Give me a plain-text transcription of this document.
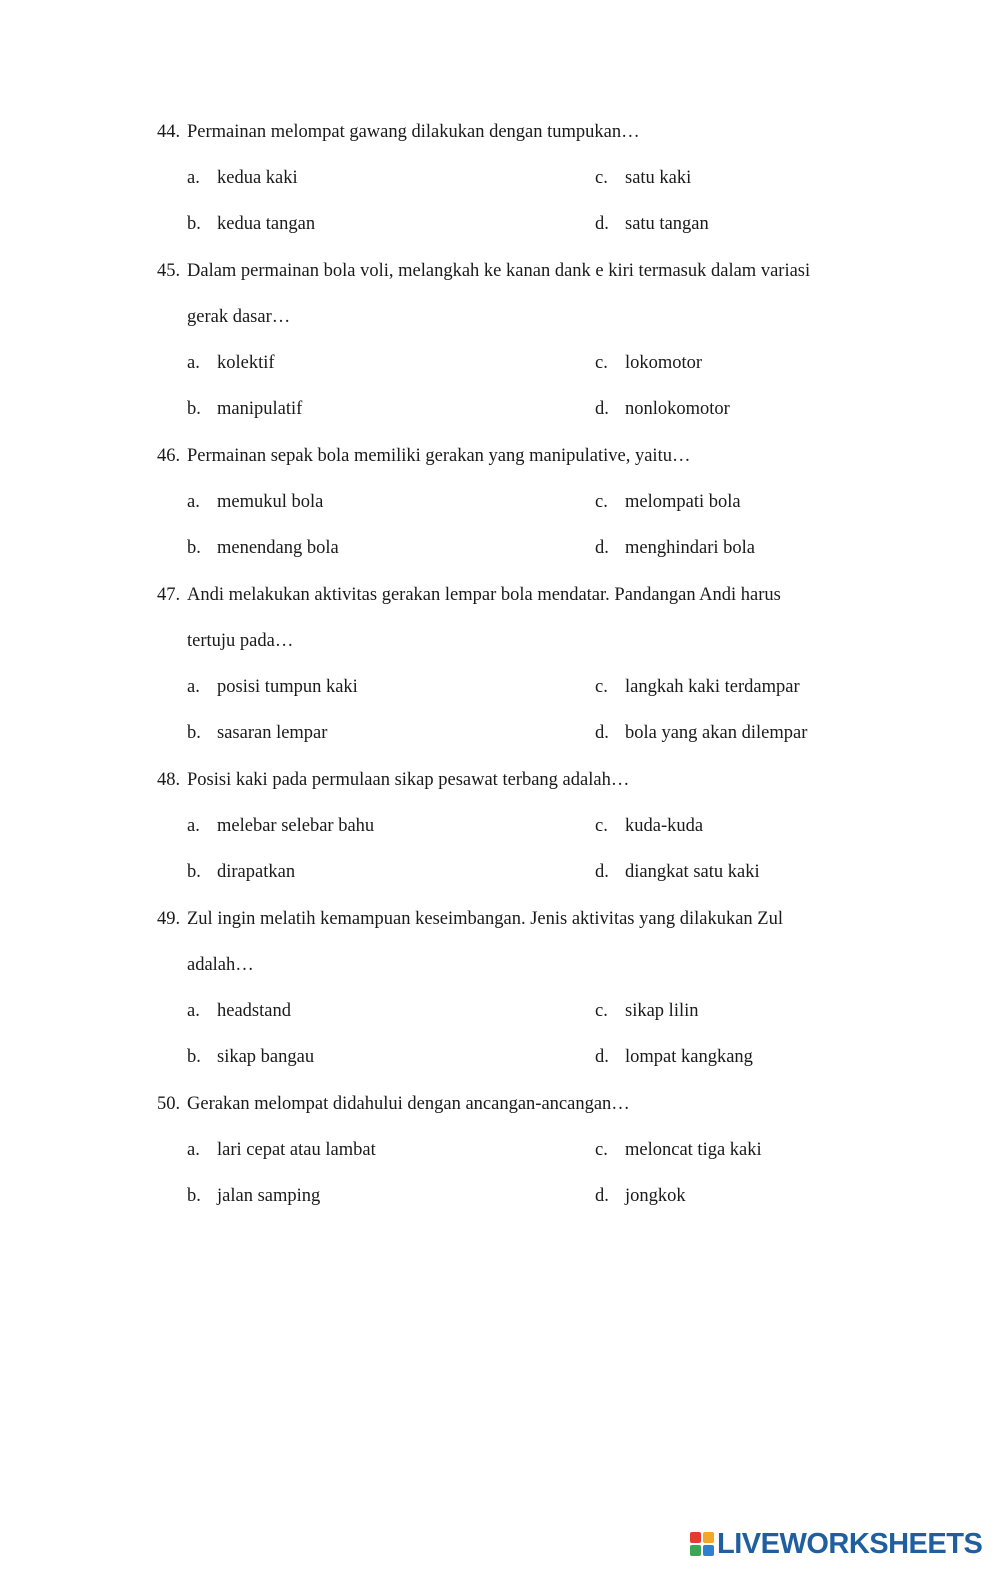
44. Permainan melompat gawang dilakukan dengan tumpukan…
a. kedua kaki	c. satu kaki
b. kedua tangan	d. satu tangan
45. Dalam permainan bola voli, melangkah ke kanan dank e kiri termasuk dalam variasi
gerak dasar…
a. kolektif	c. lokomotor
b. manipulatif	d. nonlokomotor
46. Permainan sepak bola memiliki gerakan yang manipulative, yaitu…
a. memukul bola	c. melompati bola
b. menendang bola	d. menghindari bola
47. Andi melakukan aktivitas gerakan lempar bola mendatar. Pandangan Andi harus
tertuju pada…
a. posisi tumpun kaki	c. langkah kaki terdampar
b. sasaran lempar	d. bola yang akan dilempar
48. Posisi kaki pada permulaan sikap pesawat terbang adalah…
a. melebar selebar bahu	c. kuda-kuda
b. dirapatkan	d. diangkat satu kaki
49. Zul ingin melatih kemampuan keseimbangan. Jenis aktivitas yang dilakukan Zul
adalah…
a. headstand	c. sikap lilin
b. sikap bangau	d. lompat kangkang
50. Gerakan melompat didahului dengan ancangan-ancangan…
a. lari cepat atau lambat	c. meloncat tiga kaki
b. jalan samping	d. jongkok
LIVEWORKSHEETS
